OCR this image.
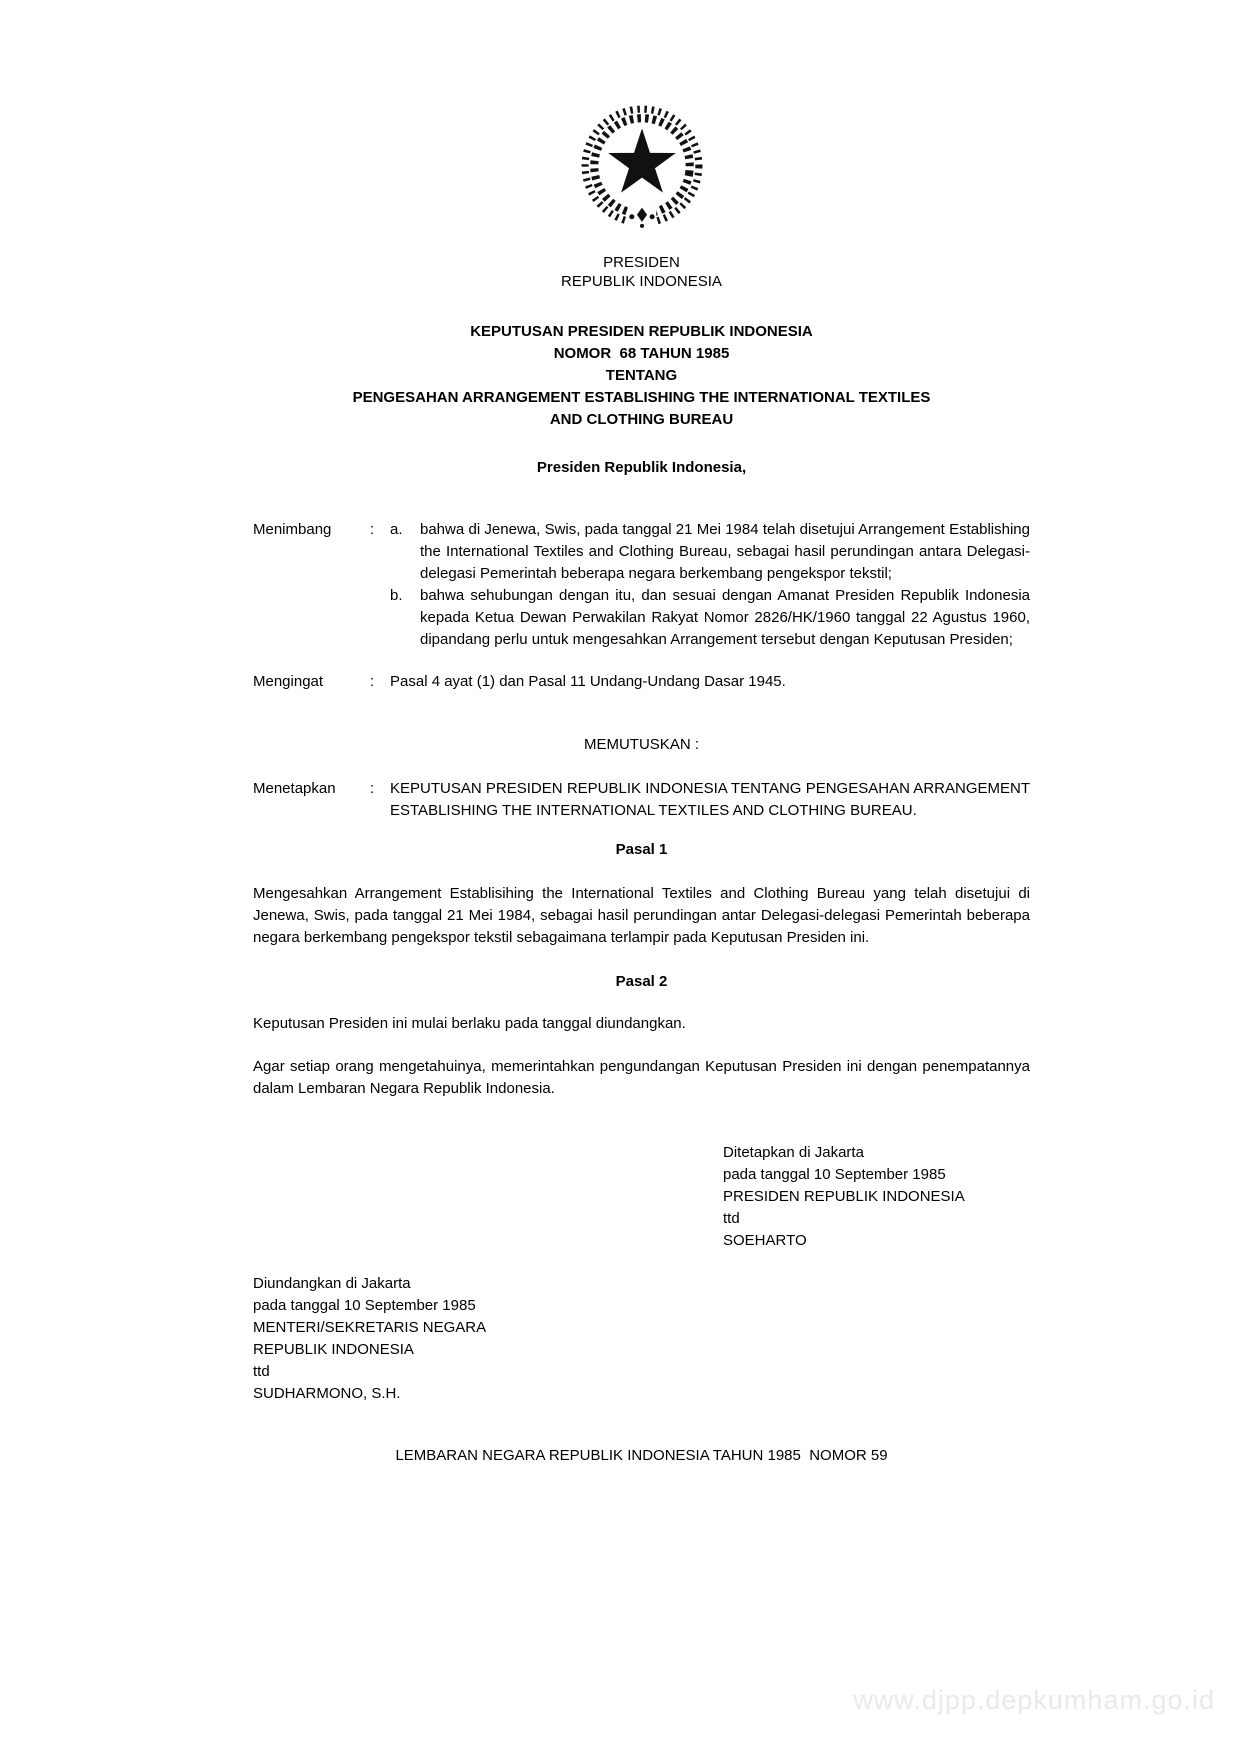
PRESIDEN
REPUBLIK INDONESIA
KEPUTUSAN PRESIDEN REPUBLIK INDONESIA
NOMOR  68 TAHUN 1985
TENTANG
PENGESAHAN ARRANGEMENT ESTABLISHING THE INTERNATIONAL TEXTILES
AND CLOTHING BUREAU
Presiden Republik Indonesia,
Menimbang	:	a.	bahwa di Jenewa, Swis, pada tanggal 21 Mei 1984 telah disetujui Arrangement Establishing the International Textiles and Clothing Bureau, sebagai hasil perundingan antara Delegasi-delegasi Pemerintah beberapa negara berkembang pengekspor tekstil;
b.	bahwa sehubungan dengan itu, dan sesuai dengan Amanat Presiden Republik Indonesia kepada Ketua Dewan Perwakilan Rakyat Nomor 2826/HK/1960 tanggal 22 Agustus 1960, dipandang perlu untuk mengesahkan Arrangement tersebut dengan Keputusan Presiden;
Mengingat	:	Pasal 4 ayat (1) dan Pasal 11 Undang-Undang Dasar 1945.
MEMUTUSKAN :
Menetapkan	:	KEPUTUSAN PRESIDEN REPUBLIK INDONESIA TENTANG PENGESAHAN ARRANGEMENT ESTABLISHING THE INTERNATIONAL TEXTILES AND CLOTHING BUREAU.
Pasal 1
Mengesahkan Arrangement Establisihing the International Textiles and Clothing Bureau yang telah disetujui di Jenewa, Swis, pada tanggal 21 Mei 1984, sebagai hasil perundingan antar Delegasi-delegasi Pemerintah beberapa negara berkembang pengekspor tekstil sebagaimana terlampir pada Keputusan Presiden ini.
Pasal 2
Keputusan Presiden ini mulai berlaku pada tanggal diundangkan.
Agar setiap orang mengetahuinya, memerintahkan pengundangan Keputusan Presiden ini dengan penempatannya dalam Lembaran Negara Republik Indonesia.
Ditetapkan di Jakarta
pada tanggal 10 September 1985
PRESIDEN REPUBLIK INDONESIA
ttd
SOEHARTO
Diundangkan di Jakarta
pada tanggal 10 September 1985
MENTERI/SEKRETARIS NEGARA
REPUBLIK INDONESIA
ttd
SUDHARMONO, S.H.
LEMBARAN NEGARA REPUBLIK INDONESIA TAHUN 1985  NOMOR 59
www.djpp.depkumham.go.id
